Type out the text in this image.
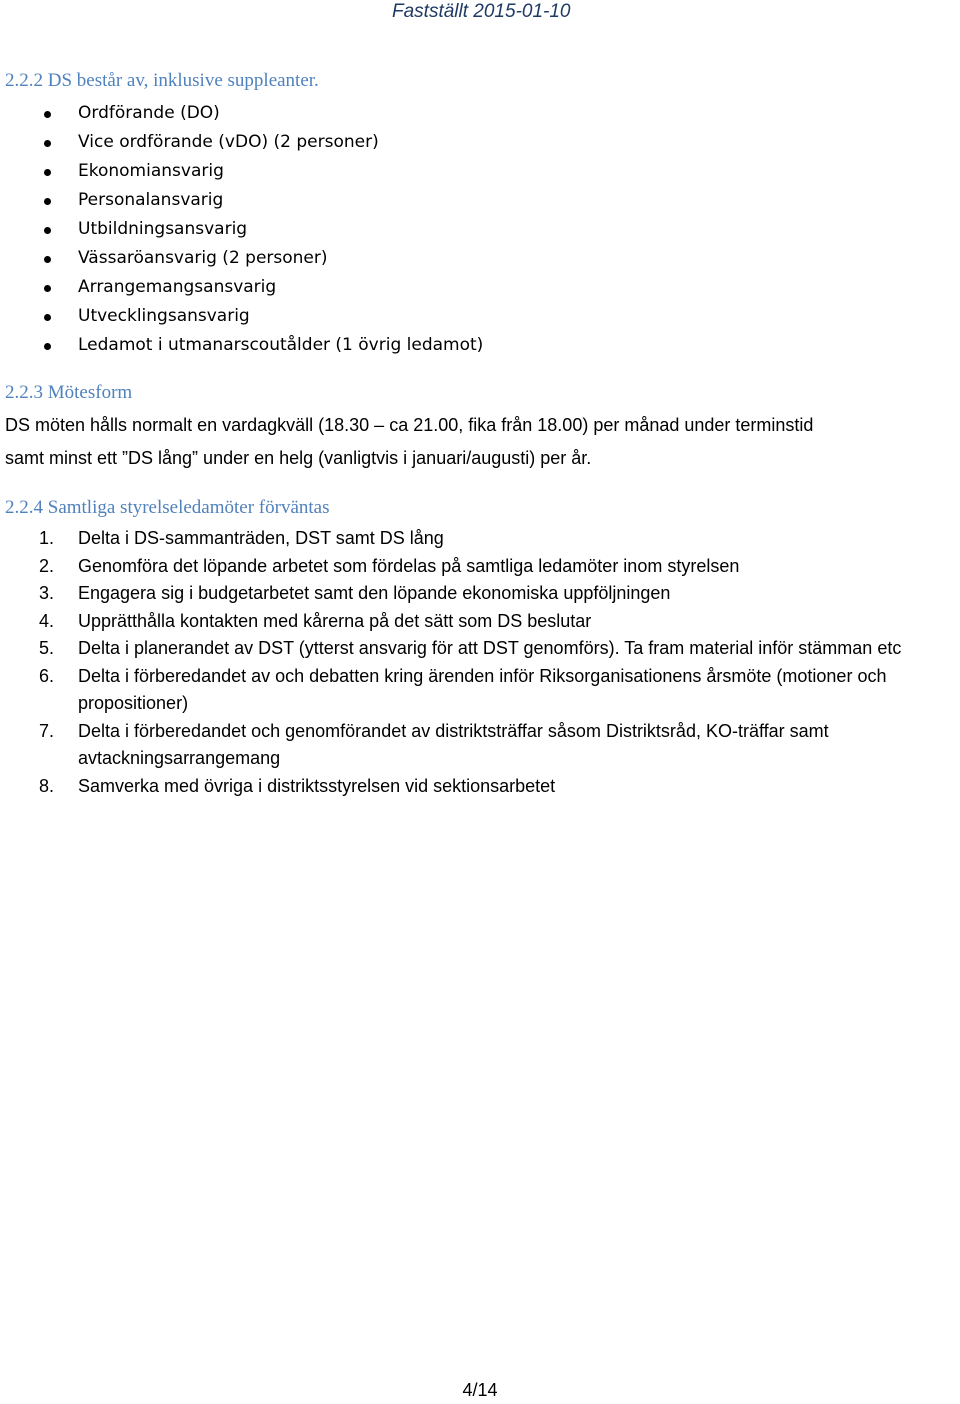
Fastställt 2015-01-10
2.2.2 DS består av, inklusive suppleanter.
Ordförande (DO)
Vice ordförande (vDO) (2 personer)
Ekonomiansvarig
Personalansvarig
Utbildningsansvarig
Vässaröansvarig (2 personer)
Arrangemangsansvarig
Utvecklingsansvarig
Ledamot i utmanarscoutålder (1 övrig ledamot)
2.2.3 Mötesform

DS möten hålls normalt en vardagkväll (18.30 – ca 21.00, fika från 18.00) per månad under terminstid

samt minst ett ”DS lång” under en helg (vanligtvis i januari/augusti) per år.

2.2.4 Samtliga styrelseledamöter förväntas
1. Delta i DS-sammanträden, DST samt DS lång
2. Genomföra det löpande arbetet som fördelas på samtliga ledamöter inom styrelsen
3. Engagera sig i budgetarbetet samt den löpande ekonomiska uppföljningen
4. Upprätthålla kontakten med kårerna på det sätt som DS beslutar
5. Delta i planerandet av DST (ytterst ansvarig för att DST genomförs). Ta fram material inför stämman etc
6. Delta i förberedandet av och debatten kring ärenden inför Riksorganisationens årsmöte (motioner och propositioner)
7. Delta i förberedandet och genomförandet av distriktsträffar såsom Distriktsråd, KO-träffar samt avtackningsarrangemang
8. Samverka med övriga i distriktsstyrelsen vid sektionsarbetet
4/14
